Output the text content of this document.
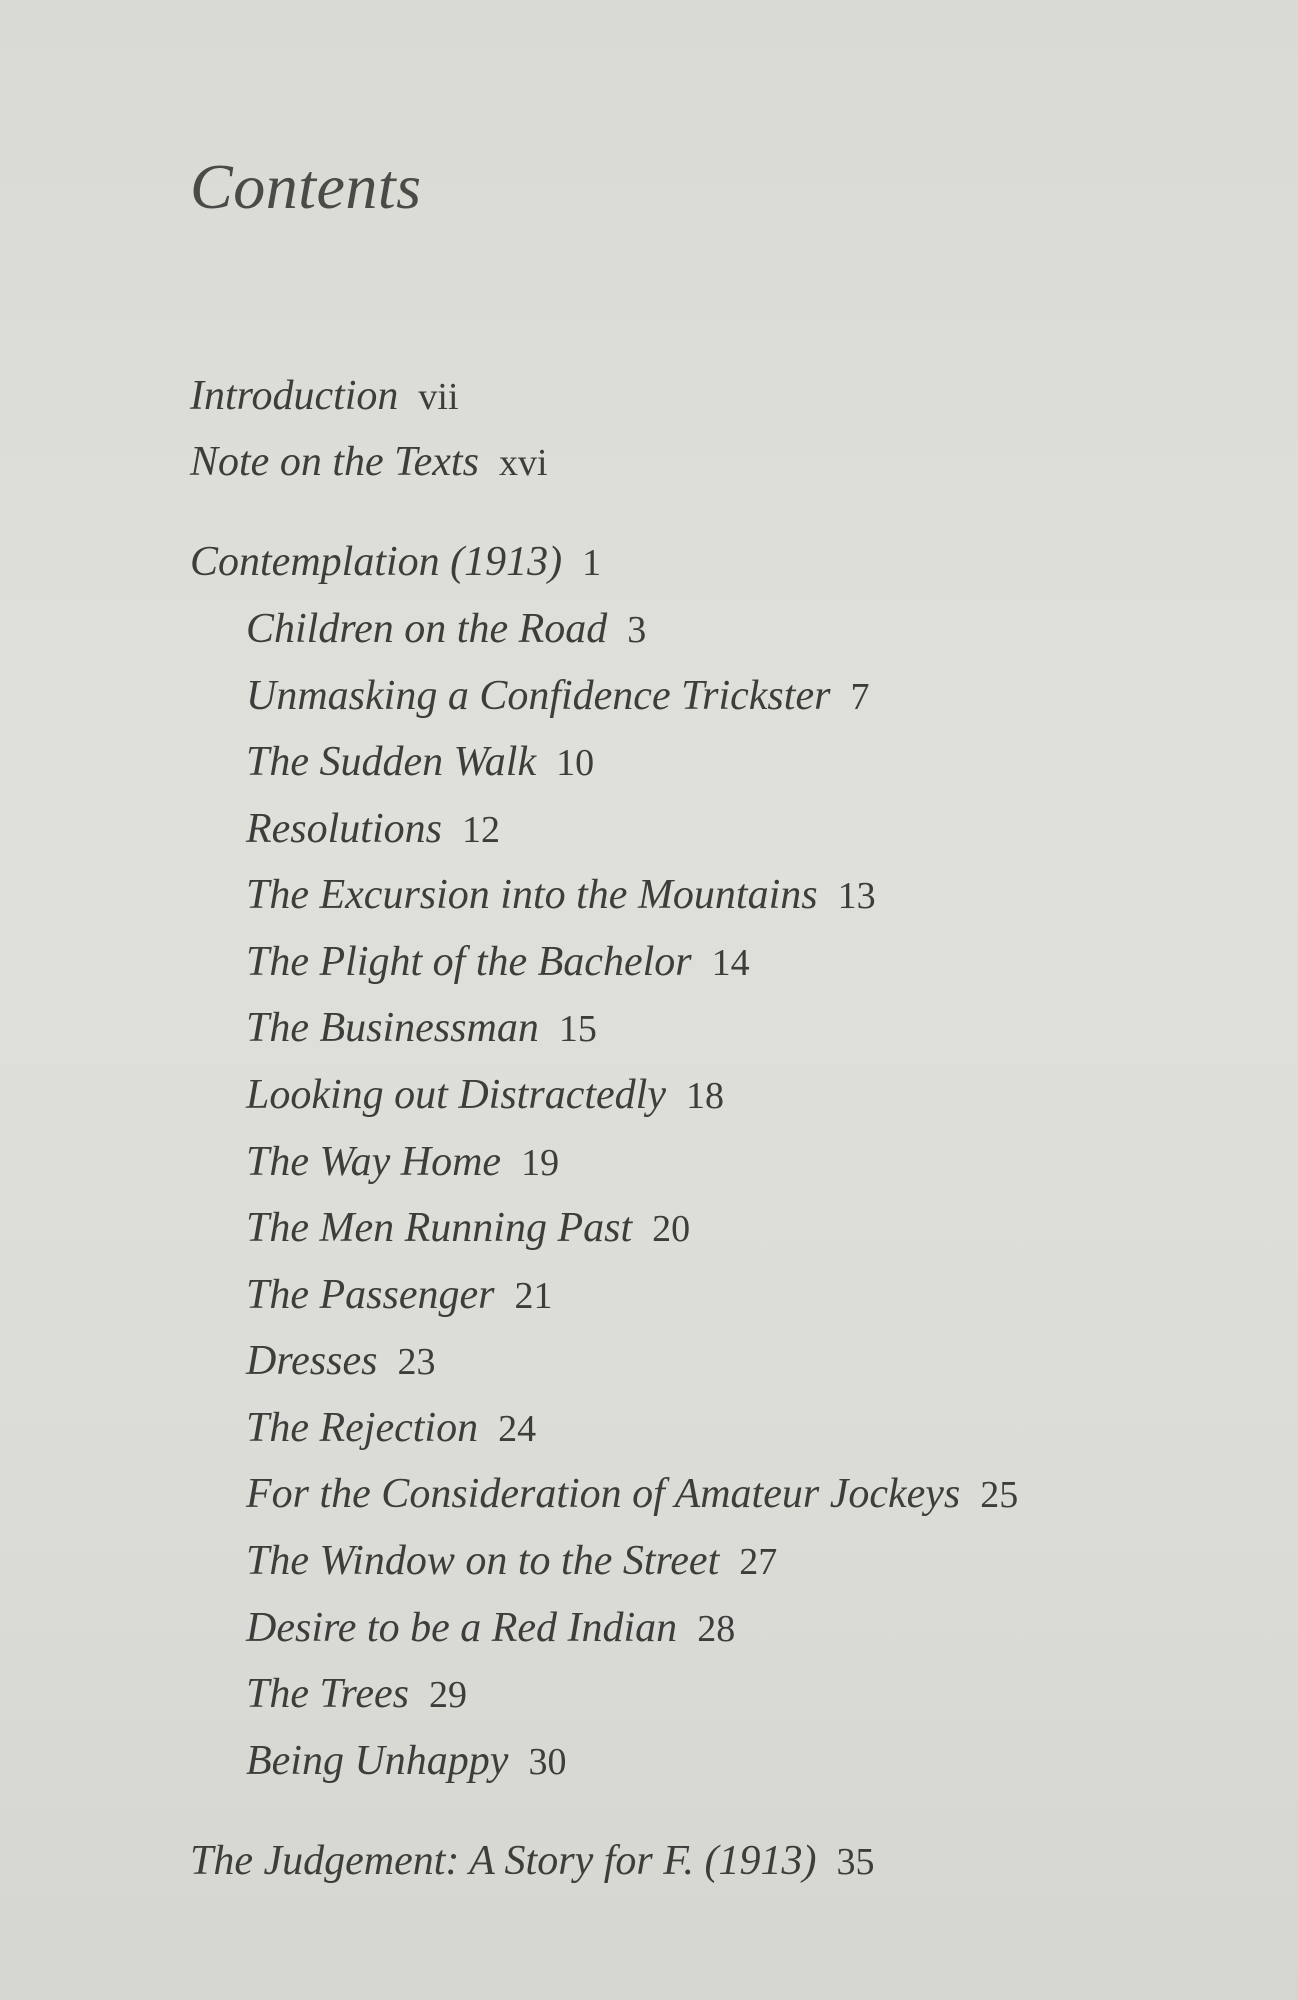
Contents
Introduction vii
Note on the Texts xvi
Contemplation (1913) 1
Children on the Road 3
Unmasking a Confidence Trickster 7
The Sudden Walk 10
Resolutions 12
The Excursion into the Mountains 13
The Plight of the Bachelor 14
The Businessman 15
Looking out Distractedly 18
The Way Home 19
The Men Running Past 20
The Passenger 21
Dresses 23
The Rejection 24
For the Consideration of Amateur Jockeys 25
The Window on to the Street 27
Desire to be a Red Indian 28
The Trees 29
Being Unhappy 30
The Judgement: A Story for F. (1913) 35
